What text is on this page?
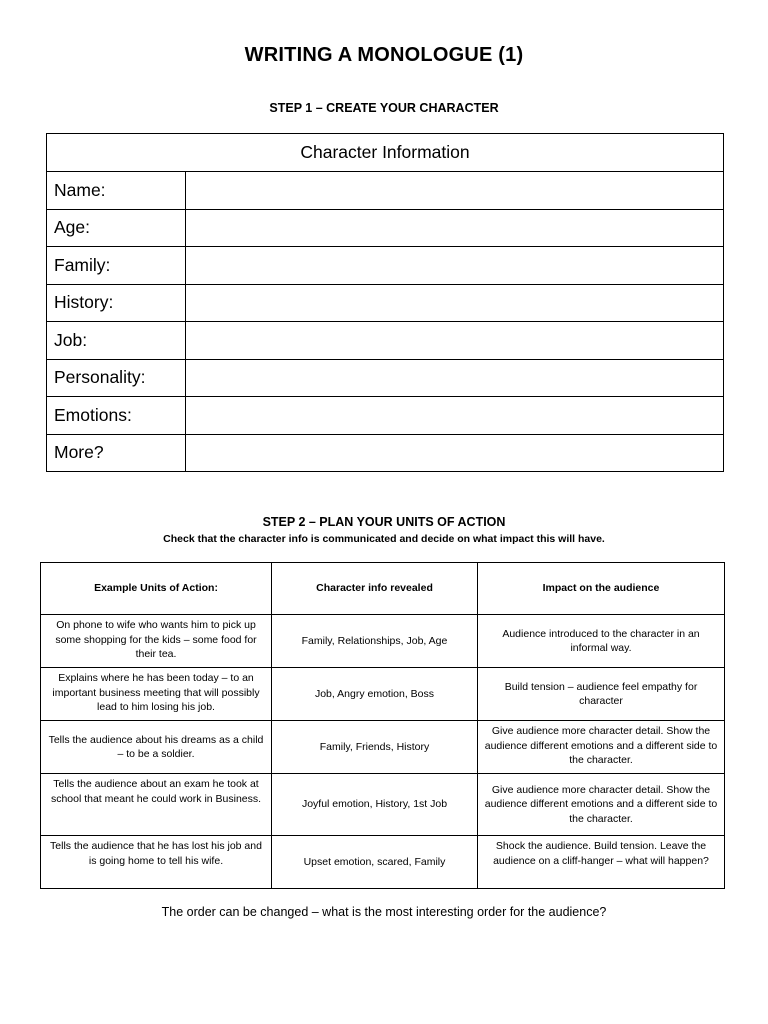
WRITING A MONOLOGUE (1)
STEP 1 – CREATE YOUR CHARACTER
Character Information	
Name:	
Age:	
Family:	
History:	
Job:	
Personality:	
Emotions:	
More?	
STEP 2 – PLAN YOUR UNITS OF ACTION
Check that the character info is communicated and decide on what impact this will have.
Example Units of Action:	Character info revealed	Impact on the audience
On phone to wife who wants him to pick up some shopping for the kids – some food for their tea.	Family, Relationships, Job, Age	Audience introduced to the character in an informal way.
Explains where he has been today – to an important business meeting that will possibly lead to him losing his job.	Job, Angry emotion, Boss	Build tension – audience feel empathy for character
Tells the audience about his dreams as a child – to be a soldier.	Family, Friends, History	Give audience more character detail. Show the audience different emotions and a different side to the character.
Tells the audience about an exam he took at school that meant he could work in Business.	Joyful emotion, History, 1st Job	Give audience more character detail. Show the audience different emotions and a different side to the character.
Tells the audience that he has lost his job and is going home to tell his wife.	Upset emotion, scared, Family	Shock the audience. Build tension. Leave the audience on a cliff-hanger – what will happen?
The order can be changed – what is the most interesting order for the audience?
